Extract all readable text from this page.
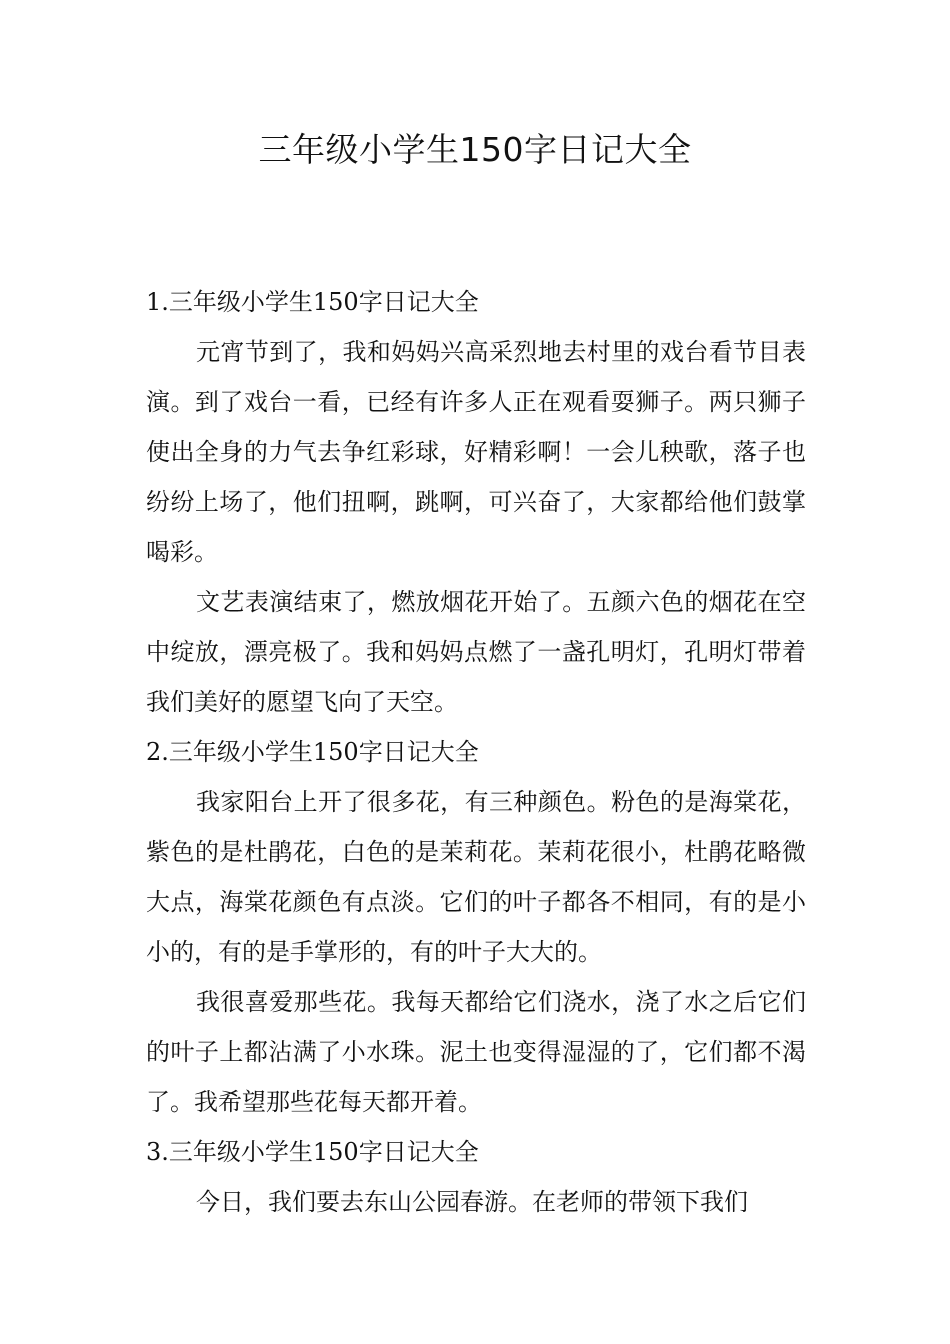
三年级小学生150字日记大全
1.三年级小学生150字日记大全

元宵节到了，我和妈妈兴高采烈地去村里的戏台看节目表演。到了戏台一看，已经有许多人正在观看耍狮子。两只狮子使出全身的力气去争红彩球，好精彩啊！一会儿秧歌，落子也纷纷上场了，他们扭啊，跳啊，可兴奋了，大家都给他们鼓掌喝彩。

文艺表演结束了，燃放烟花开始了。五颜六色的烟花在空中绽放，漂亮极了。我和妈妈点燃了一盏孔明灯，孔明灯带着我们美好的愿望飞向了天空。

2.三年级小学生150字日记大全

我家阳台上开了很多花，有三种颜色。粉色的是海棠花，紫色的是杜鹃花，白色的是茉莉花。茉莉花很小，杜鹃花略微大点，海棠花颜色有点淡。它们的叶子都各不相同，有的是小小的，有的是手掌形的，有的叶子大大的。

我很喜爱那些花。我每天都给它们浇水，浇了水之后它们的叶子上都沾满了小水珠。泥土也变得湿湿的了，它们都不渴了。我希望那些花每天都开着。

3.三年级小学生150字日记大全

今日，我们要去东山公园春游。在老师的带领下我们
